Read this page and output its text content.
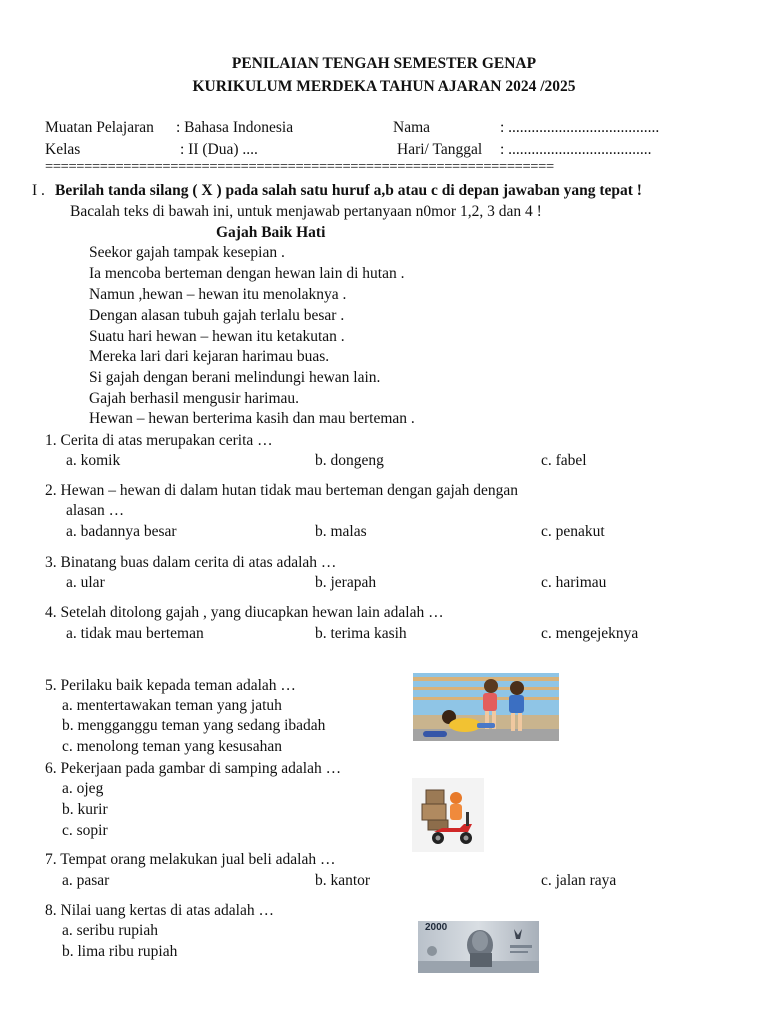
PENILAIAN TENGAH SEMESTER GENAP
KURIKULUM MERDEKA TAHUN AJARAN 2024 /2025
Muatan Pelajaran : Bahasa Indonesia	Nama	: .......................................
Kelas	: II (Dua) ....	Hari/ Tanggal : .....................................
=================================================================
I . Berilah tanda silang ( X ) pada salah satu huruf a,b atau c di depan jawaban yang tepat !
Bacalah teks di bawah ini, untuk menjawab pertanyaan n0mor 1,2, 3 dan 4 !
Gajah Baik Hati
Seekor gajah tampak kesepian .
Ia mencoba berteman dengan hewan lain di hutan .
Namun ,hewan – hewan itu menolaknya .
Dengan alasan tubuh gajah terlalu besar .
Suatu hari hewan – hewan itu ketakutan .
Mereka lari dari kejaran harimau buas.
Si gajah dengan berani melindungi hewan lain.
Gajah berhasil mengusir harimau.
Hewan – hewan berterima kasih dan mau berteman .
1. Cerita di atas merupakan cerita …
a. komik	b. dongeng	c. fabel
2. Hewan – hewan di dalam hutan tidak mau berteman dengan gajah dengan
alasan …
a. badannya besar	b. malas	c. penakut
3. Binatang buas dalam cerita di atas adalah …
a. ular	b. jerapah	c. harimau
4. Setelah ditolong gajah , yang diucapkan hewan lain adalah …
a. tidak mau berteman	b. terima kasih	c. mengejeknya
5. Perilaku baik kepada teman adalah …
a. mentertawakan teman yang jatuh
b. mengganggu teman yang sedang ibadah
c. menolong teman yang kesusahan
6. Pekerjaan pada gambar di samping adalah …
a. ojeg
b. kurir
c. sopir
7. Tempat orang melakukan jual beli adalah …
a. pasar	b. kantor	c. jalan raya
8. Nilai uang kertas di atas adalah …
a. seribu rupiah
b. lima ribu rupiah
2000
